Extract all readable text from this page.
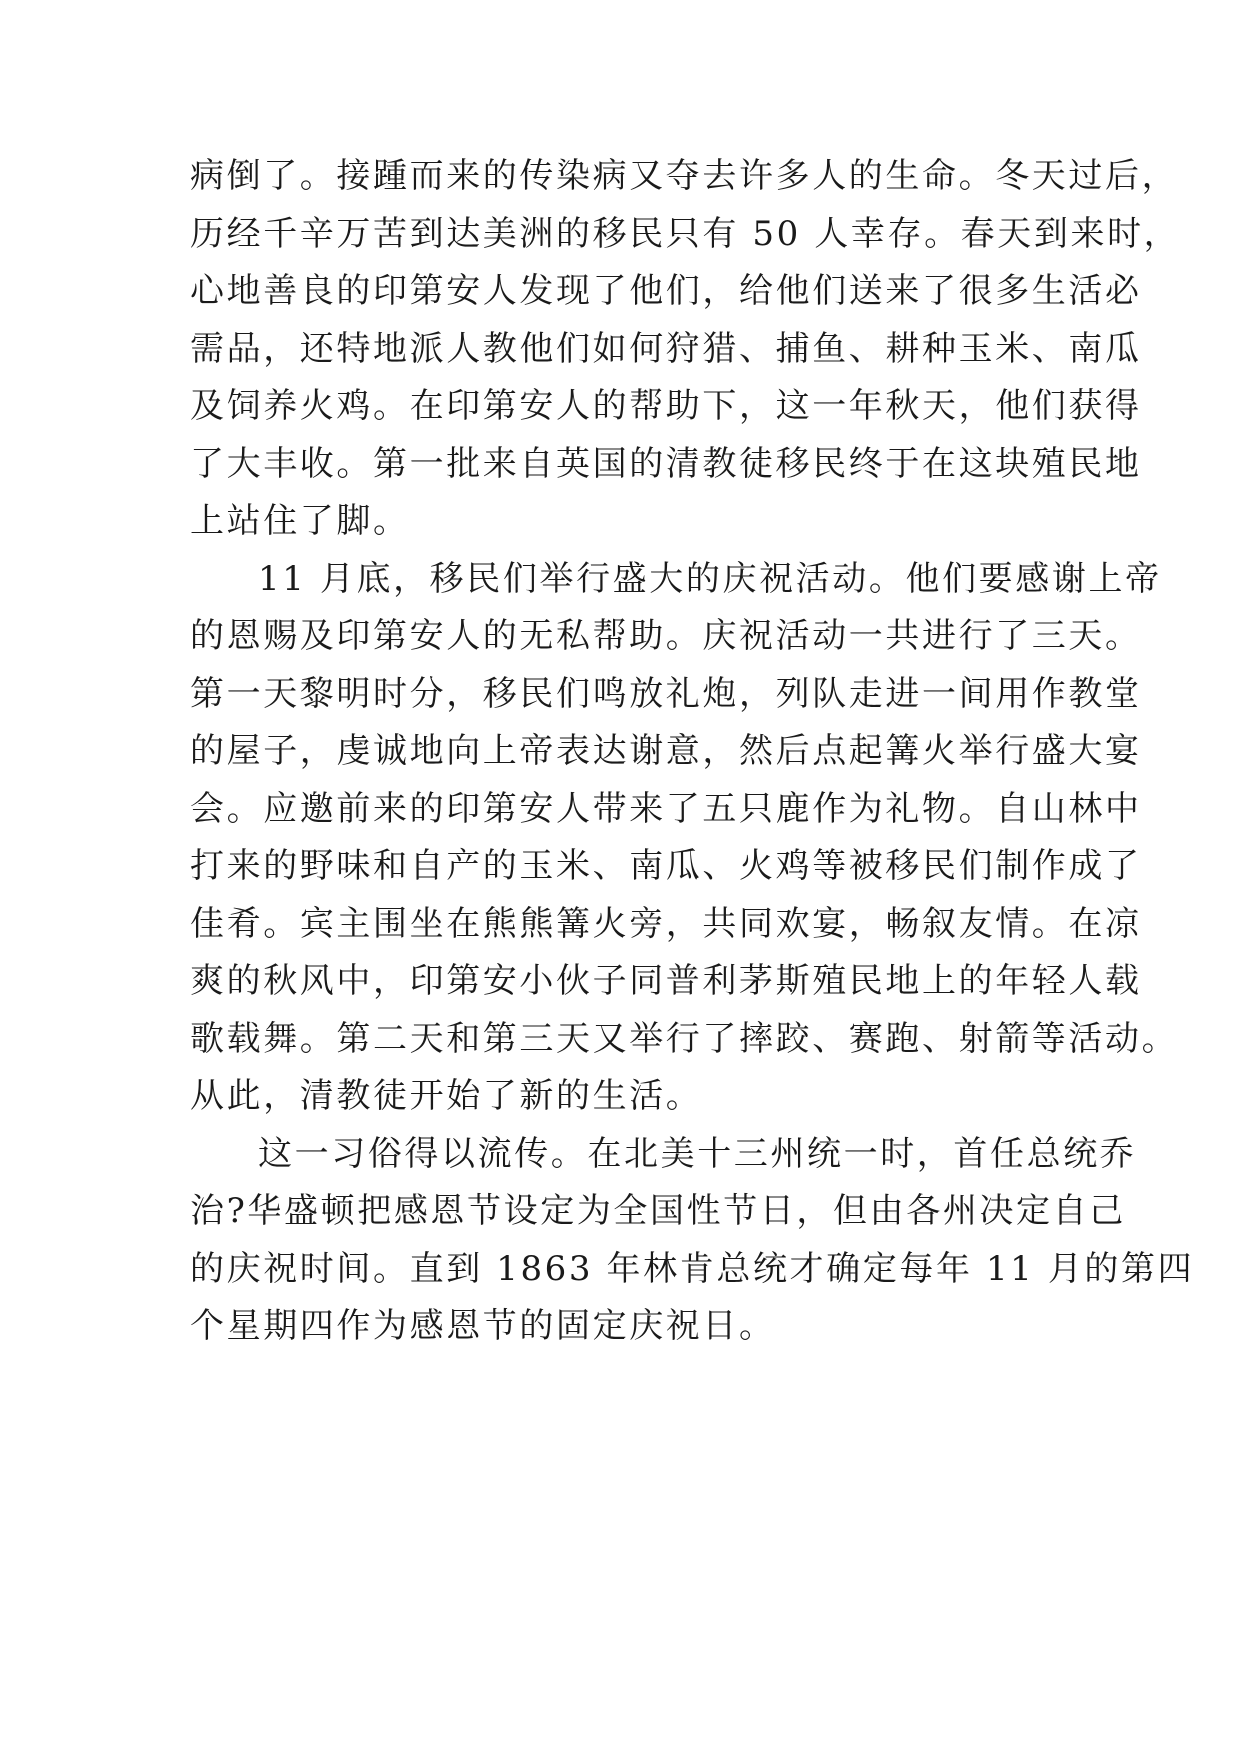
病倒了。接踵而来的传染病又夺去许多人的生命。冬天过后，
历经千辛万苦到达美洲的移民只有 50 人幸存。春天到来时，
心地善良的印第安人发现了他们，给他们送来了很多生活必
需品，还特地派人教他们如何狩猎、捕鱼、耕种玉米、南瓜
及饲养火鸡。在印第安人的帮助下，这一年秋天，他们获得
了大丰收。第一批来自英国的清教徒移民终于在这块殖民地
上站住了脚。
11 月底，移民们举行盛大的庆祝活动。他们要感谢上帝
的恩赐及印第安人的无私帮助。庆祝活动一共进行了三天。
第一天黎明时分，移民们鸣放礼炮，列队走进一间用作教堂
的屋子，虔诚地向上帝表达谢意，然后点起篝火举行盛大宴
会。应邀前来的印第安人带来了五只鹿作为礼物。自山林中
打来的野味和自产的玉米、南瓜、火鸡等被移民们制作成了
佳肴。宾主围坐在熊熊篝火旁，共同欢宴，畅叙友情。在凉
爽的秋风中，印第安小伙子同普利茅斯殖民地上的年轻人载
歌载舞。第二天和第三天又举行了摔跤、赛跑、射箭等活动。
从此，清教徒开始了新的生活。
这一习俗得以流传。在北美十三州统一时，首任总统乔
治?华盛顿把感恩节设定为全国性节日，但由各州决定自己
的庆祝时间。直到 1863 年林肯总统才确定每年 11 月的第四
个星期四作为感恩节的固定庆祝日。
